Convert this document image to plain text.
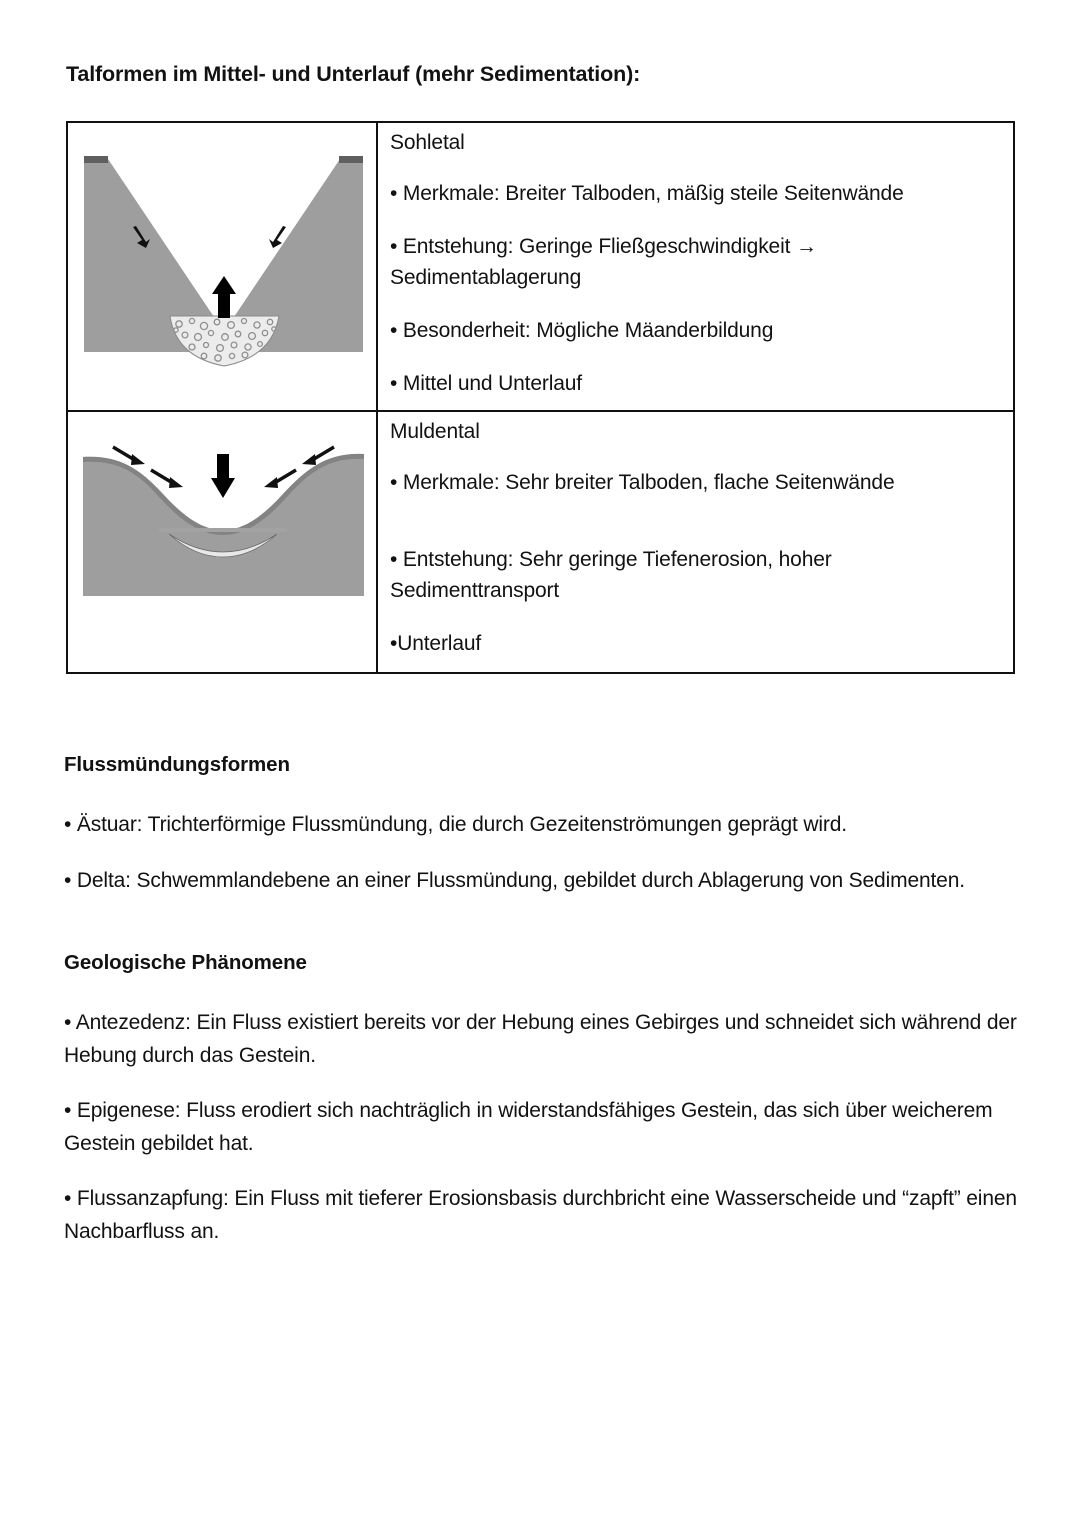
Talformen im Mittel- und Unterlauf (mehr Sedimentation):

Sohletal

• Merkmale: Breiter Talboden, mäßig steile Seitenwände

• Entstehung: Geringe Fließgeschwindigkeit →

Sedimentablagerung

• Besonderheit: Mögliche Mäanderbildung

• Mittel und Unterlauf

Muldental

• Merkmale: Sehr breiter Talboden, flache Seitenwände

• Entstehung: Sehr geringe Tiefenerosion, hoher

Sedimenttransport

•Unterlauf

Flussmündungsformen
• Ästuar: Trichterförmige Flussmündung, die durch Gezeitenströmungen geprägt wird.
• Delta: Schwemmlandebene an einer Flussmündung, gebildet durch Ablagerung von Sedimenten.
Geologische Phänomene
• Antezedenz: Ein Fluss existiert bereits vor der Hebung eines Gebirges und schneidet sich während der Hebung durch das Gestein.
• Epigenese: Fluss erodiert sich nachträglich in widerstandsfähiges Gestein, das sich über weicherem Gestein gebildet hat.
• Flussanzapfung: Ein Fluss mit tieferer Erosionsbasis durchbricht eine Wasserscheide und “zapft” einen Nachbarfluss an.
